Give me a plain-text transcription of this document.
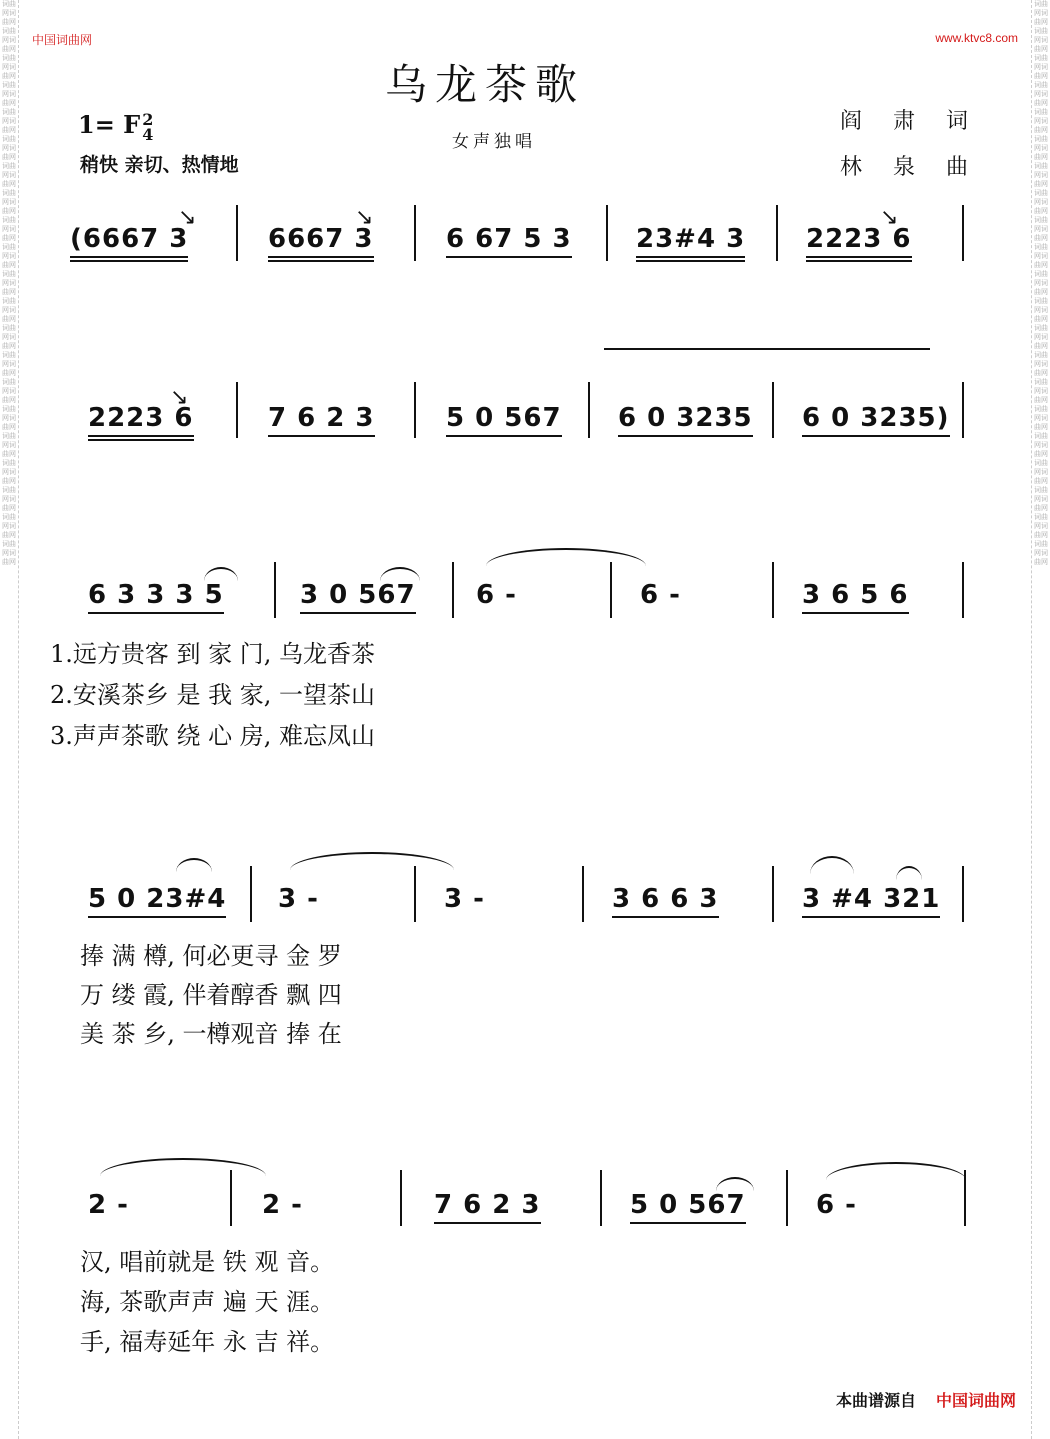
词曲网词曲网词曲网词曲网词曲网词曲网词曲网词曲网词曲网词曲网词曲网词曲网词曲网词曲网词曲网词曲网词曲网词曲网词曲网词曲网词曲网词曲网词曲网词曲网词曲网词曲网词曲网词曲网词曲网词曲网词曲网词曲网词曲网词曲网词曲网词曲网词曲网词曲网词曲网词曲网词曲网词曲网
词曲网词曲网词曲网词曲网词曲网词曲网词曲网词曲网词曲网词曲网词曲网词曲网词曲网词曲网词曲网词曲网词曲网词曲网词曲网词曲网词曲网词曲网词曲网词曲网词曲网词曲网词曲网词曲网词曲网词曲网词曲网词曲网词曲网词曲网词曲网词曲网词曲网词曲网词曲网词曲网词曲网词曲网
中国词曲网	www.ktvc8.com
乌龙茶歌
1= F 2
4
稍快 亲切、热情地
女声独唱
阎 肃 词
林 泉 曲
(6667 3
↘
6667 3
↘
6 67 5 3 23#4 3 2223 6
↘
2223 6
↘
7 6 2 3	5 0 567 6 0 3235 6 0 3235)
6 3 3 3 5	3 0 567 6 -	6 -	3 6 5 6
1.远方贵客 到 家 门, 乌龙香茶
2.安溪茶乡 是 我 家, 一望茶山
3.声声茶歌 绕 心 房, 难忘凤山
5 0 23#4 3 -	3 -	3 6 6 3	3 #4 321
捧 满 樽, 何必更寻 金 罗
万 缕 霞, 伴着醇香 飘 四
美 茶 乡, 一樽观音 捧 在
2 -	2 -	7 6 2 3	5 0 567	6 -
汉, 唱前就是 铁 观 音。
海, 茶歌声声 遍 天 涯。
手, 福寿延年 永 吉 祥。
本曲谱源自 中国词曲网
